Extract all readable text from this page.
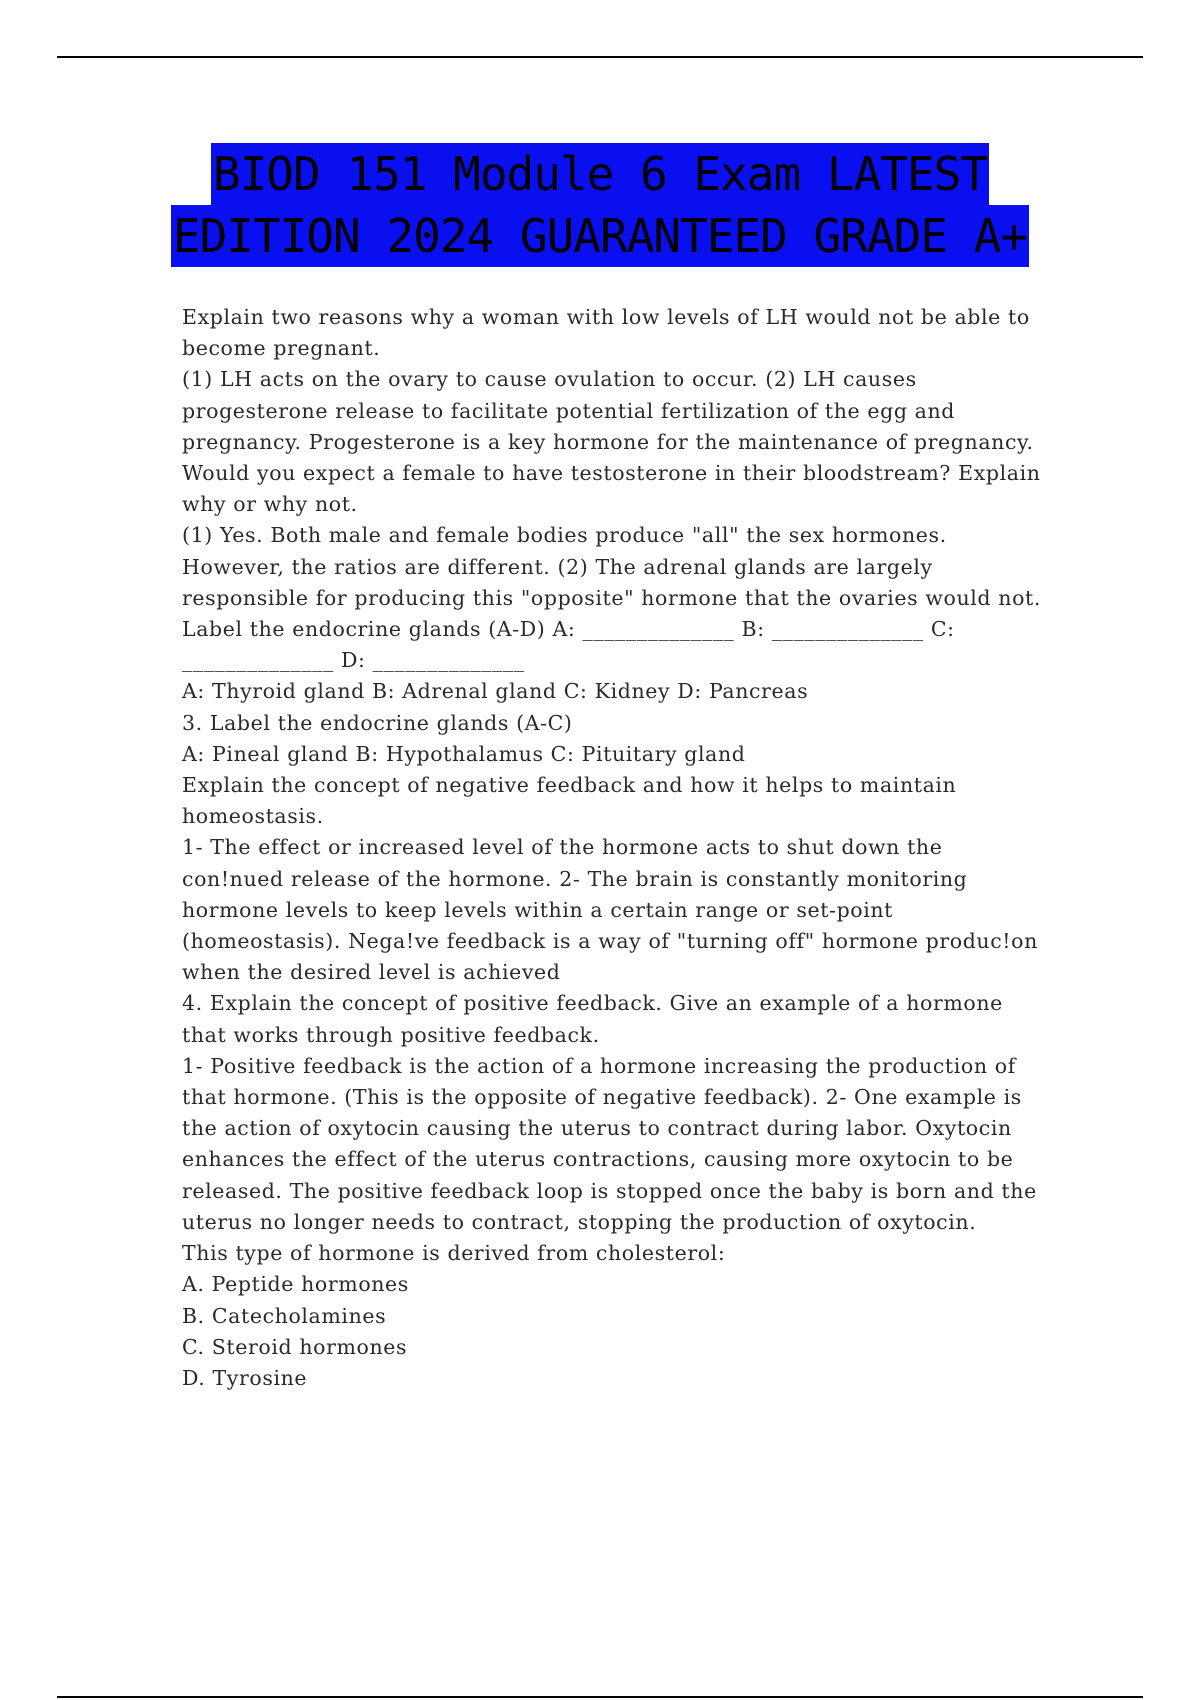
BIOD 151 Module 6 Exam LATEST
EDITION 2024 GUARANTEED GRADE A+

Explain two reasons why a woman with low levels of LH would not be able to become pregnant.

(1) LH acts on the ovary to cause ovulation to occur. (2) LH causes progesterone release to facilitate potential fertilization of the egg and pregnancy. Progesterone is a key hormone for the maintenance of pregnancy.

Would you expect a female to have testosterone in their bloodstream? Explain why or why not.

(1) Yes. Both male and female bodies produce "all" the sex hormones. However, the ratios are different. (2) The adrenal glands are largely responsible for producing this "opposite" hormone that the ovaries would not.

Label the endocrine glands (A-D) A: ______________ B: ______________ C: ______________ D: ______________

A: Thyroid gland B: Adrenal gland C: Kidney D: Pancreas

3. Label the endocrine glands (A-C)

A: Pineal gland B: Hypothalamus C: Pituitary gland

Explain the concept of negative feedback and how it helps to maintain homeostasis.

1- The effect or increased level of the hormone acts to shut down the con!nued release of the hormone. 2- The brain is constantly monitoring hormone levels to keep levels within a certain range or set-point (homeostasis). Nega!ve feedback is a way of "turning off" hormone produc!on when the desired level is achieved

4. Explain the concept of positive feedback. Give an example of a hormone that works through positive feedback.

1- Positive feedback is the action of a hormone increasing the production of that hormone. (This is the opposite of negative feedback). 2- One example is the action of oxytocin causing the uterus to contract during labor. Oxytocin enhances the effect of the uterus contractions, causing more oxytocin to be released. The positive feedback loop is stopped once the baby is born and the uterus no longer needs to contract, stopping the production of oxytocin.

This type of hormone is derived from cholesterol:

A. Peptide hormones

B. Catecholamines

C. Steroid hormones

D. Tyrosine
